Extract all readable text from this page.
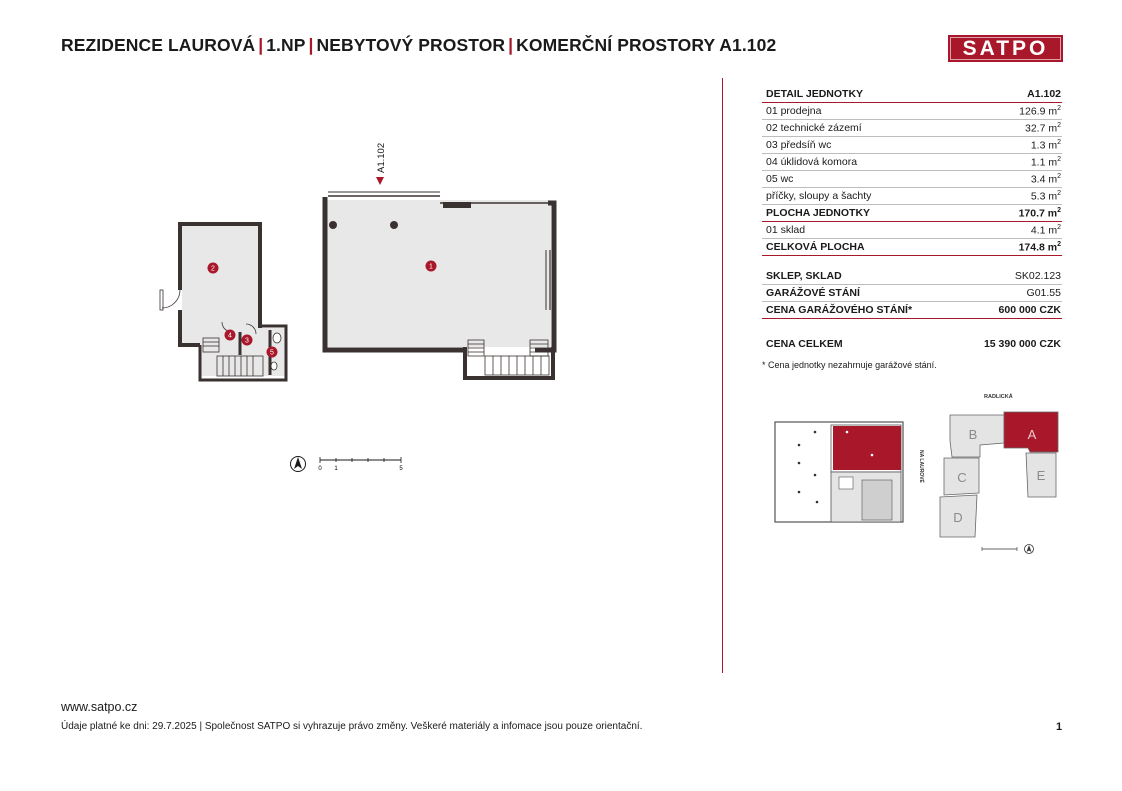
REZIDENCE LAUROVÁ | 1.NP | NEBYTOVÝ PROSTOR | KOMERČNÍ PROSTORY A1.102	SATPO
DETAIL JEDNOTKY	A1.102
01 prodejna	126.9 $m^2$
02 technické zázemí	32.7 $m^2$
03 předsíň wc	1.3 $m^2$
04 úklidová komora	1.1 $m^2$
05 wc	3.4 $m^2$
příčky, sloupy a šachty	5.3 $m^2$
PLOCHA JEDNOTKY	170.7 $m^2$
01 sklad	4.1 $m^2$
CELKOVÁ PLOCHA	174.8 $m^2$
SKLEP, SKLAD	SK02.123
GARÁŽOVÉ STÁNÍ	G01.55
CENA GARÁŽOVÉHO STÁNÍ*	600 000 CZK
CENA CELKEM	15 390 000 CZK
* Cena jednotky nezahrnuje garážové stání.
1
2
3
4
5
A1.102
0 1	5	NA LAUROVÉ
RADLICKÁ
B	A
C	E
D
www.satpo.cz
Údaje platné ke dni: 29.7.2025 | Společnost SATPO si vyhrazuje právo změny. Veškeré materiály a infomace jsou pouze orientační.	1
